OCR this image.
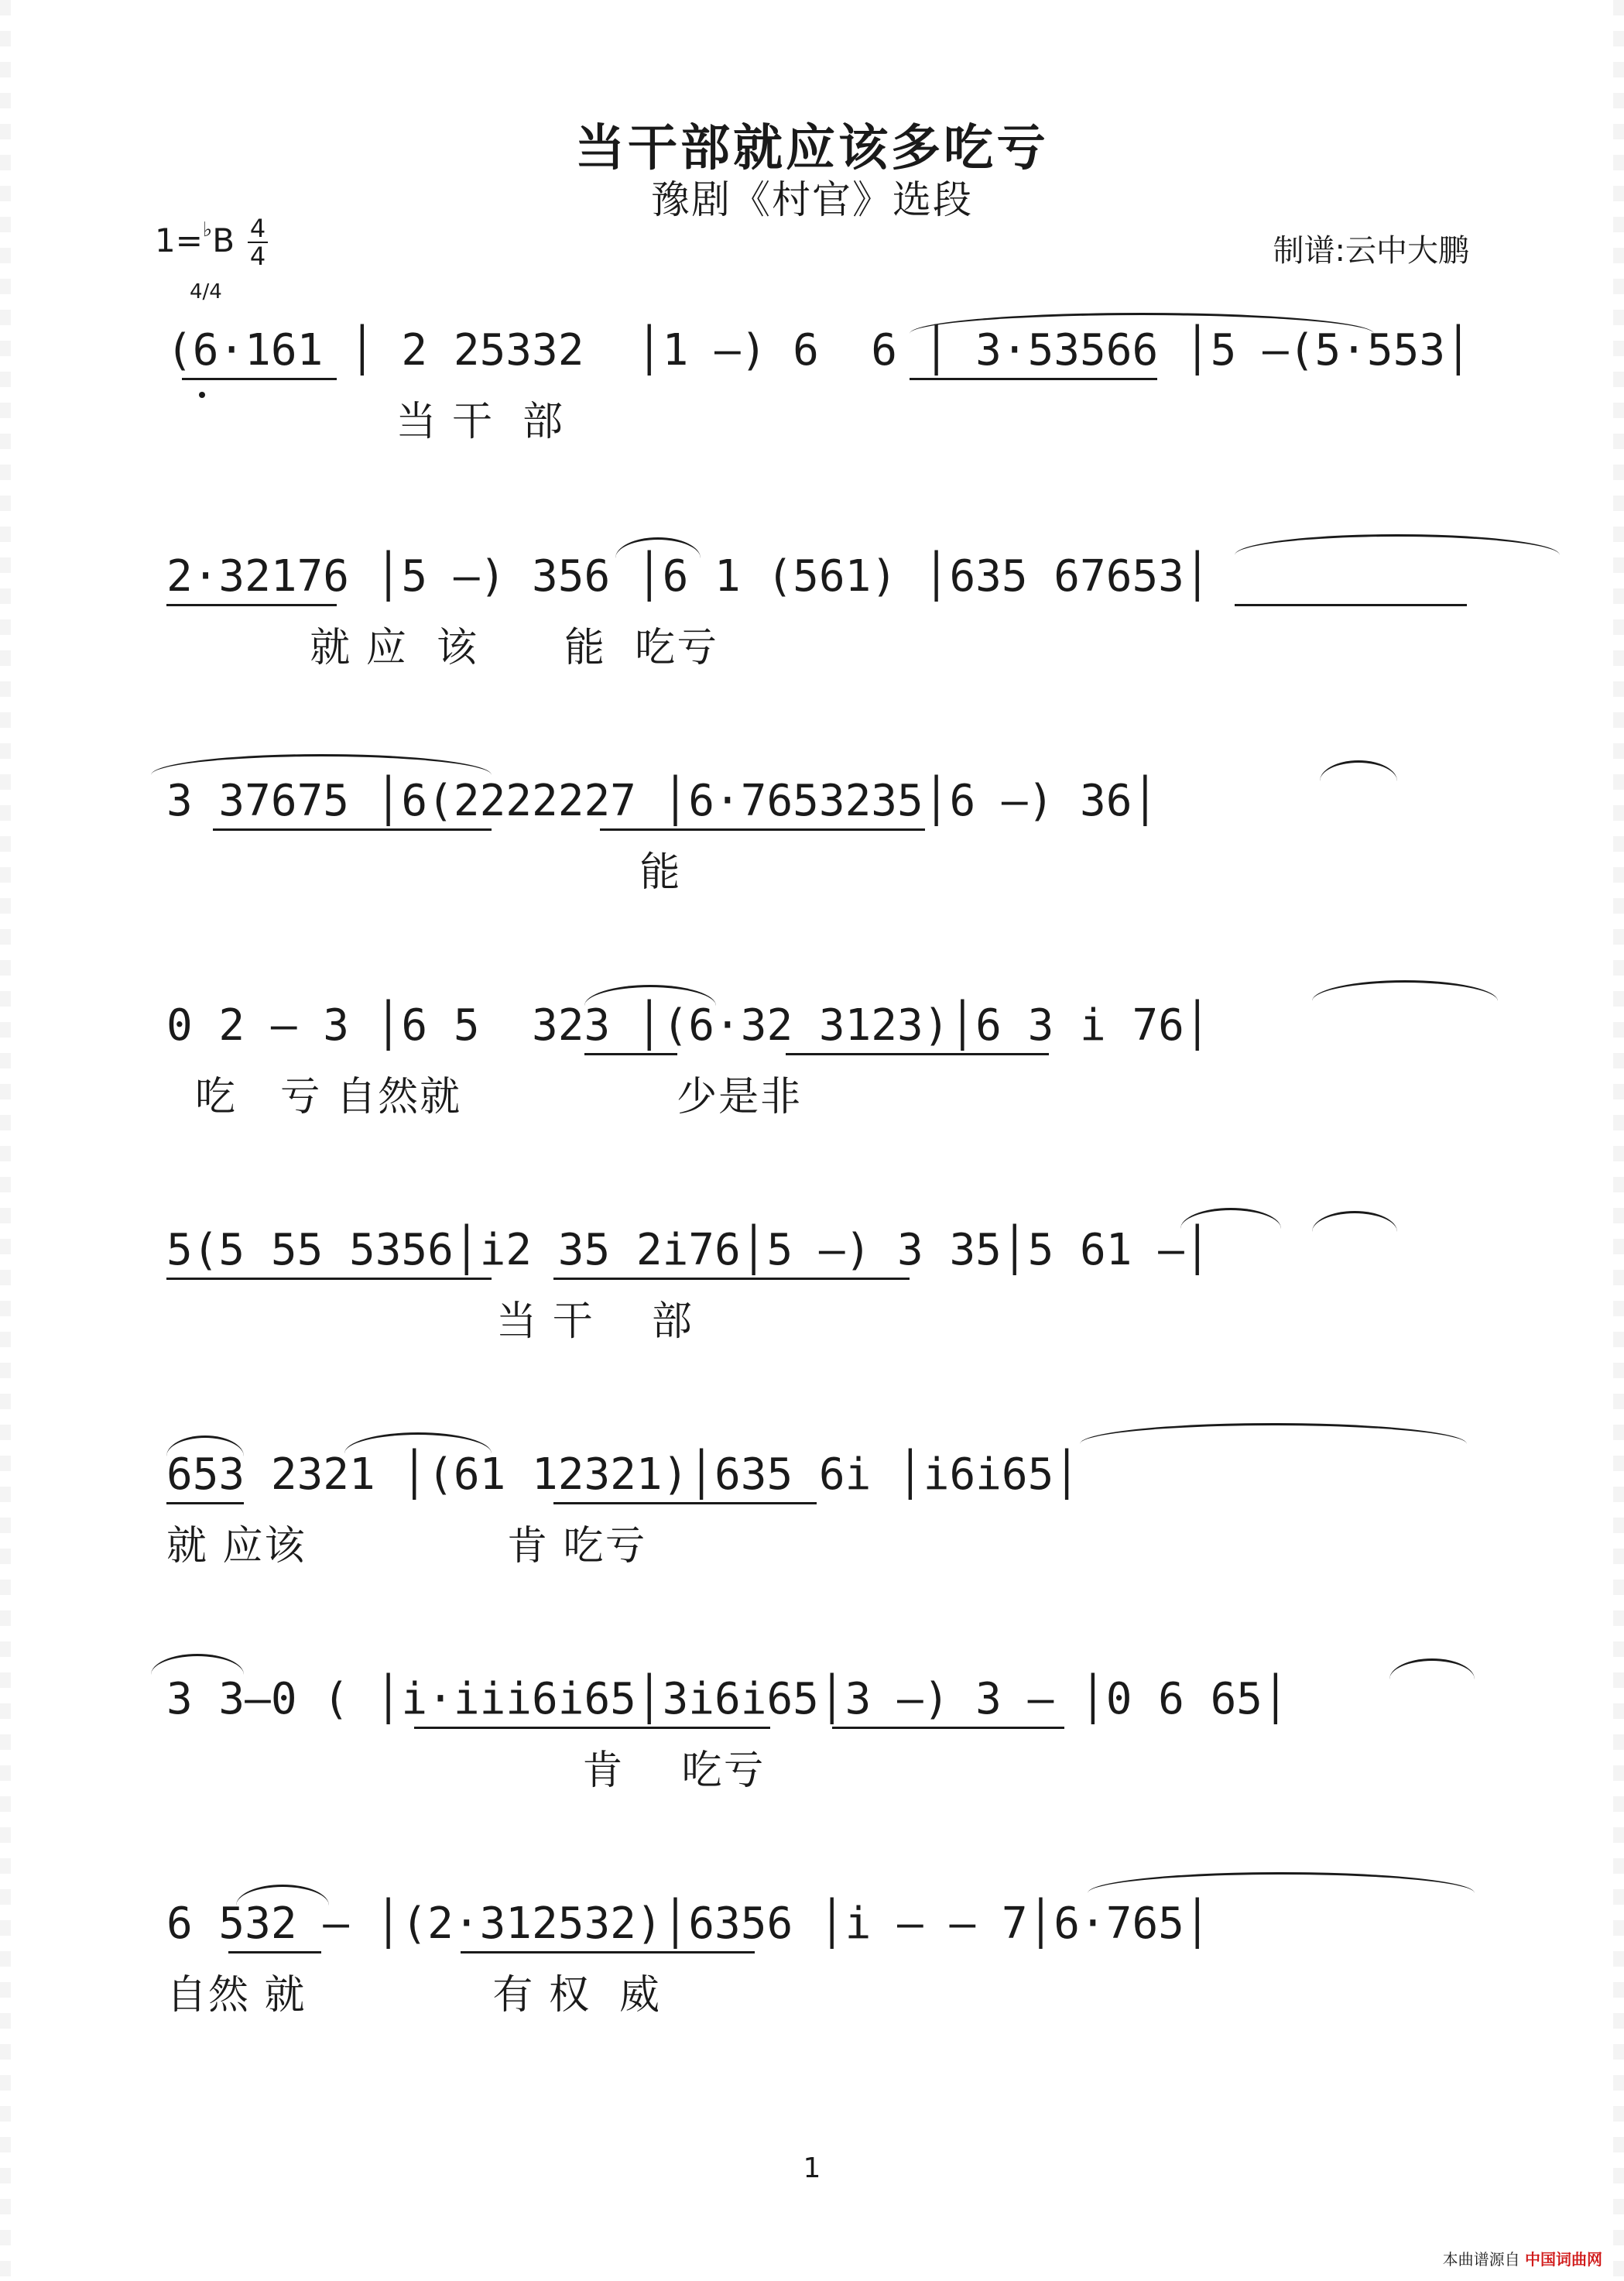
当干部就应该多吃亏
豫剧《村官》选段
1=♭B 4
4
4/4
制谱:云中大鹏
(6·161 │ 2 25332  │1 –) 6  6 │ 3·53566 │5 –(5·553│
当 干  部
2·32176 │5 –) 356 │6 1 (561) │635 67653│
就 应  该      能  吃亏
3 37675 │6(2222227 │6·7653235│6 –) 36│
能
0 2 – 3 │6 5  323 │(6·32 3123)│6 3 i 76│
吃   亏 自然就               少是非
5(5 55 5356│i2 35 2i76│5 –) 3 35│5 61 –│
当 干    部
653 2321 │(61 12321)│635 6i │i6i65│
就 应该              肯 吃亏
3 3–0 ( │i·iii6i65│3i6i65│3 –) 3 – │0 6 65│
肯    吃亏
6 532 – │(2·312532)│6356 │i – – 7│6·765│
自然 就             有 权  威
1
本曲谱源自 中国词曲网
